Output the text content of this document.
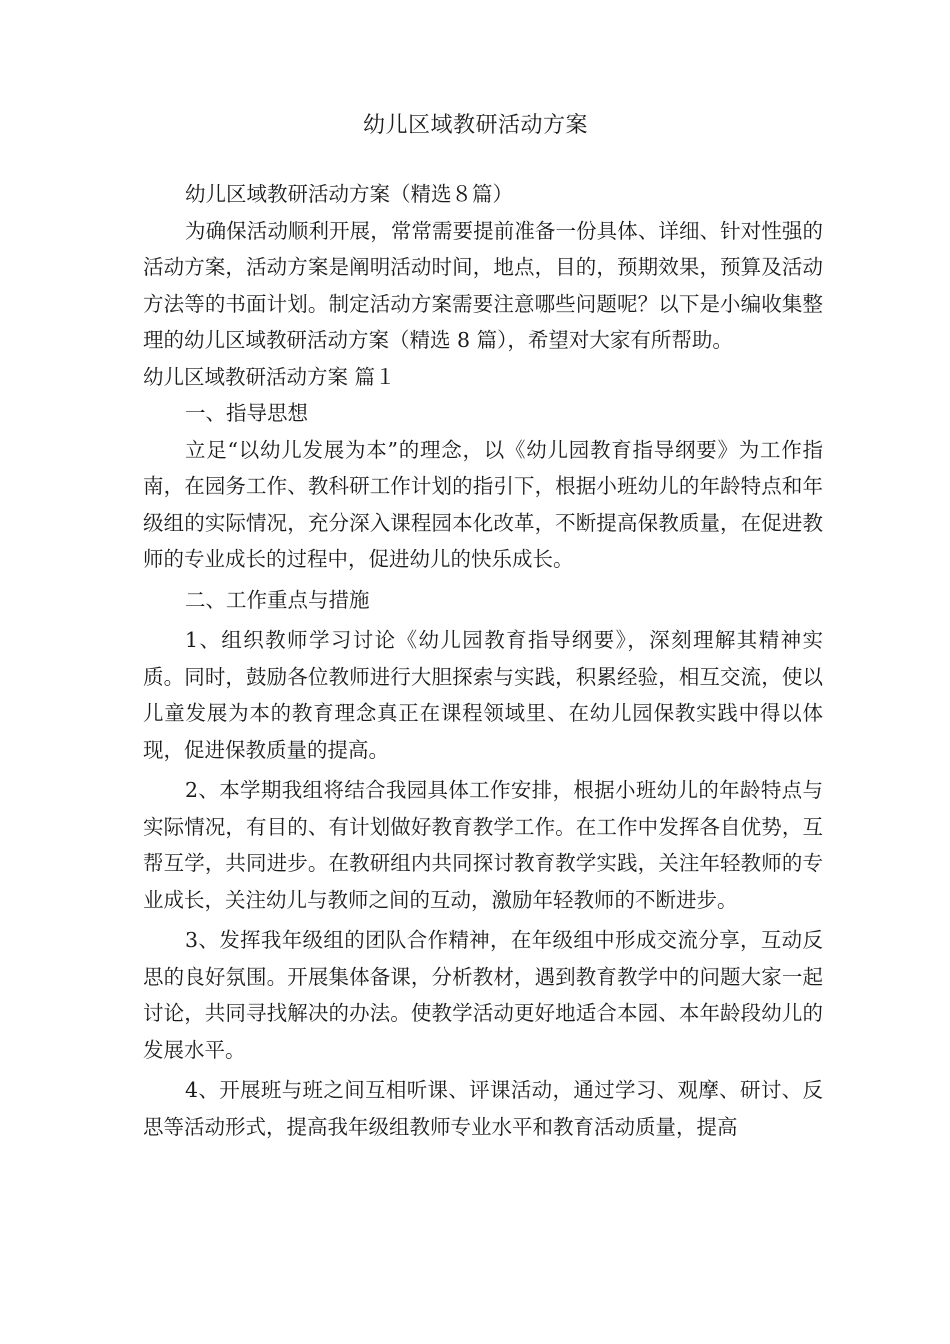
幼儿区域教研活动方案

幼儿区域教研活动方案（精选８篇）

为确保活动顺利开展，常常需要提前准备一份具体、详细、针对性强的活动方案，活动方案是阐明活动时间，地点，目的，预期效果，预算及活动方法等的书面计划。制定活动方案需要注意哪些问题呢？以下是小编收集整理的幼儿区域教研活动方案（精选 8 篇），希望对大家有所帮助。

幼儿区域教研活动方案 篇１

一、指导思想

立足“以幼儿发展为本”的理念，以《幼儿园教育指导纲要》为工作指南，在园务工作、教科研工作计划的指引下，根据小班幼儿的年龄特点和年级组的实际情况，充分深入课程园本化改革，不断提高保教质量，在促进教师的专业成长的过程中，促进幼儿的快乐成长。

二、工作重点与措施

1、组织教师学习讨论《幼儿园教育指导纲要》，深刻理解其精神实质。同时，鼓励各位教师进行大胆探索与实践，积累经验，相互交流，使以儿童发展为本的教育理念真正在课程领域里、在幼儿园保教实践中得以体现，促进保教质量的提高。

2、本学期我组将结合我园具体工作安排，根据小班幼儿的年龄特点与实际情况，有目的、有计划做好教育教学工作。在工作中发挥各自优势，互帮互学，共同进步。在教研组内共同探讨教育教学实践，关注年轻教师的专业成长，关注幼儿与教师之间的互动，激励年轻教师的不断进步。

3、发挥我年级组的团队合作精神，在年级组中形成交流分享，互动反思的良好氛围。开展集体备课，分析教材，遇到教育教学中的问题大家一起讨论，共同寻找解决的办法。使教学活动更好地适合本园、本年龄段幼儿的发展水平。

4、开展班与班之间互相听课、评课活动，通过学习、观摩、研讨、反思等活动形式，提高我年级组教师专业水平和教育活动质量，提高
